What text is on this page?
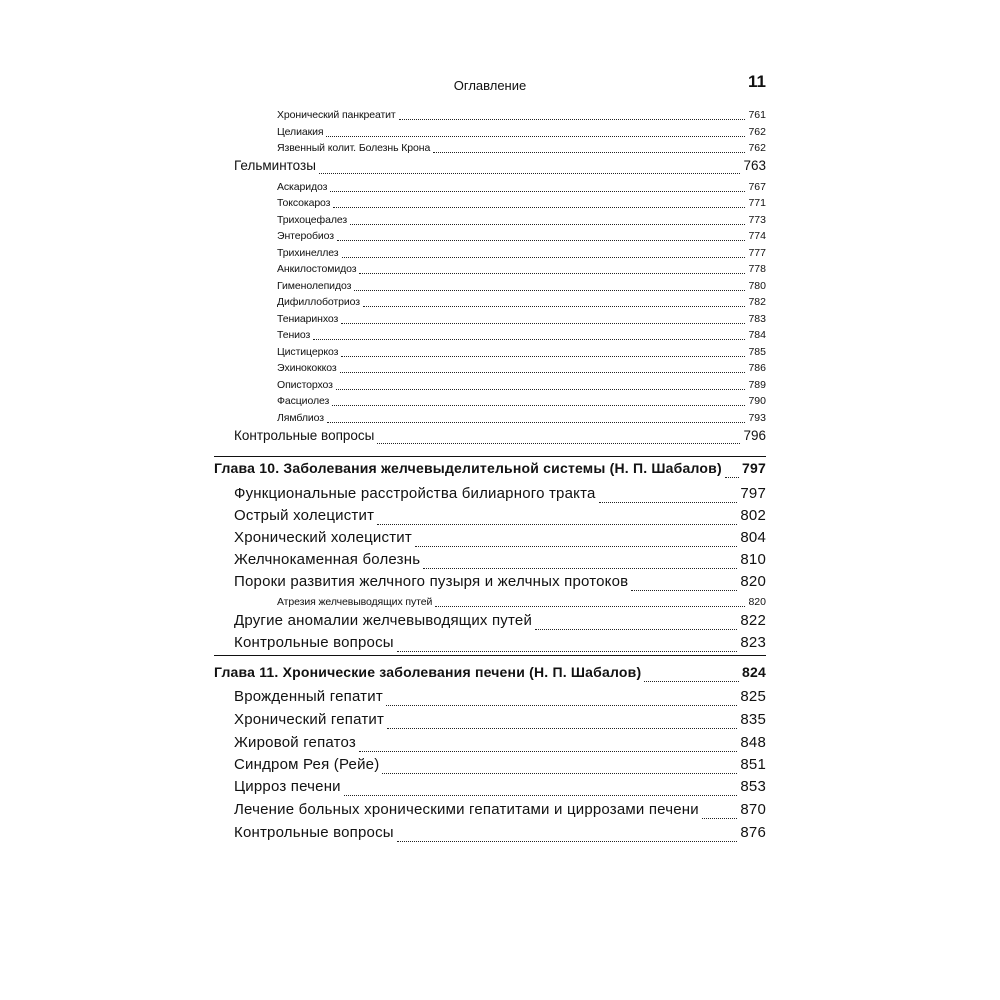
Оглавление	11
Хронический панкреатит	761
Целиакия	762
Язвенный колит. Болезнь Крона	762
Гельминтозы	763
Аскаридоз	767
Токсокароз	771
Трихоцефалез	773
Энтеробиоз	774
Трихинеллез	777
Анкилостомидоз	778
Гименолепидоз	780
Дифиллоботриоз	782
Тениаринхоз	783
Тениоз	784
Цистицеркоз	785
Эхинококкоз	786
Описторхоз	789
Фасциолез	790
Лямблиоз	793
Контрольные вопросы	796
Глава 10. Заболевания желчевыделительной системы (Н. П. Шабалов) 797
Функциональные расстройства билиарного тракта	797
Острый холецистит	802
Хронический холецистит	804
Желчнокаменная болезнь	810
Пороки развития желчного пузыря и желчных протоков	820
Атрезия желчевыводящих путей	820
Другие аномалии желчевыводящих путей	822
Контрольные вопросы	823
Глава 11. Хронические заболевания печени (Н. П. Шабалов)	824
Врожденный гепатит	825
Хронический гепатит	835
Жировой гепатоз	848
Синдром Рея (Рейе)	851
Цирроз печени	853
Лечение больных хроническими гепатитами и циррозами печени	870
Контрольные вопросы	876
